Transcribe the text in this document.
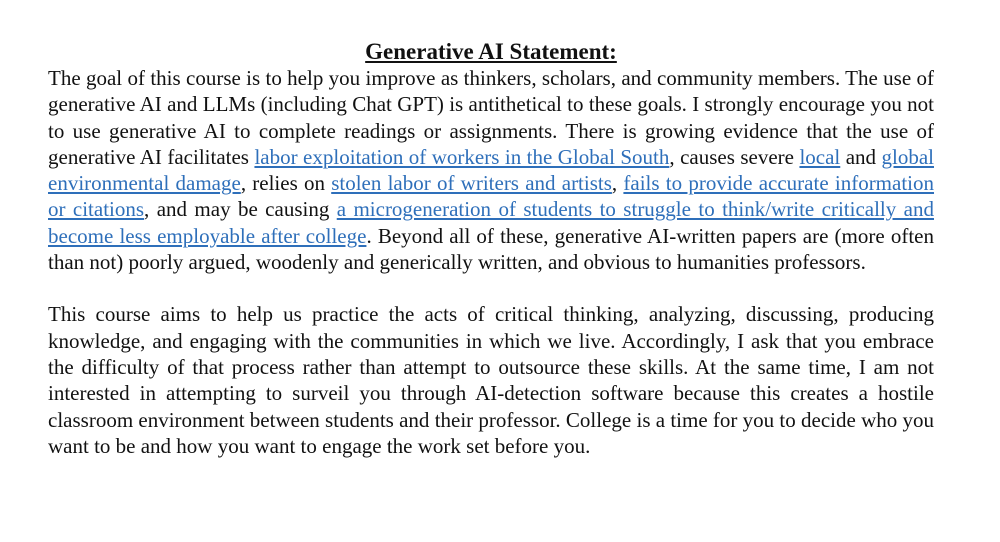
Generative AI Statement:

The goal of this course is to help you improve as thinkers, scholars, and community members. The use of generative AI and LLMs (including Chat GPT) is antithetical to these goals. I strongly encourage you not to use generative AI to complete readings or assignments. There is growing evidence that the use of generative AI facilitates labor exploitation of workers in the Global South, causes severe local and global environmental damage, relies on stolen labor of writers and artists, fails to provide accurate information or citations, and may be causing a microgeneration of students to struggle to think/write critically and become less employable after college. Beyond all of these, generative AI-written papers are (more often than not) poorly argued, woodenly and generically written, and obvious to humanities professors.

This course aims to help us practice the acts of critical thinking, analyzing, discussing, producing knowledge, and engaging with the communities in which we live. Accordingly, I ask that you embrace the difficulty of that process rather than attempt to outsource these skills. At the same time, I am not interested in attempting to surveil you through AI-detection software because this creates a hostile classroom environment between students and their professor. College is a time for you to decide who you want to be and how you want to engage the work set before you.
